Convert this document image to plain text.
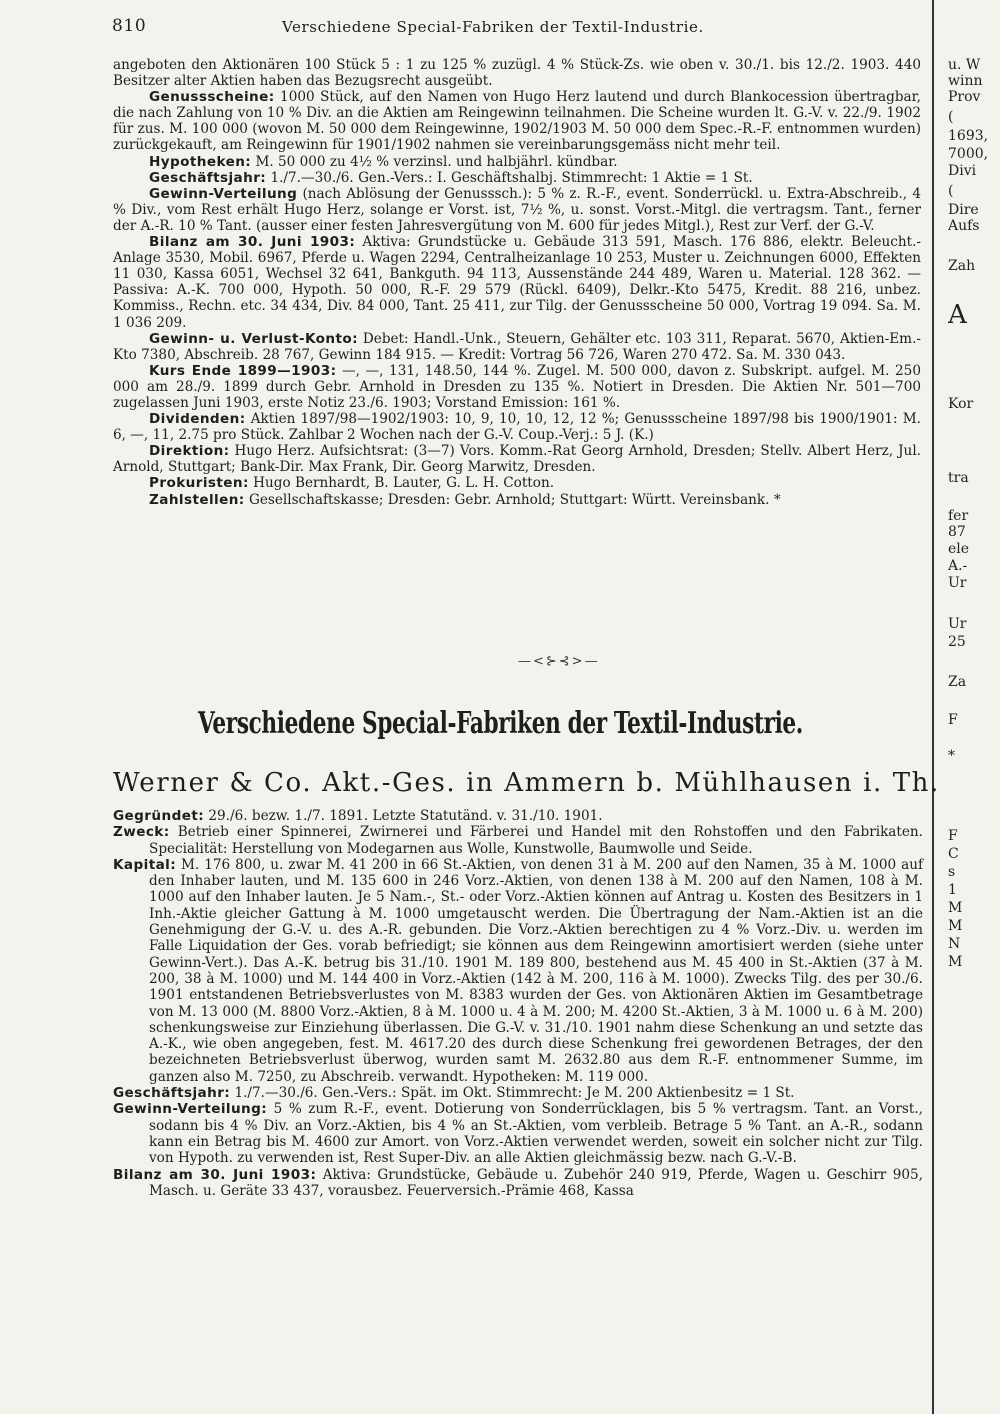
810	Verschiedene Special-Fabriken der Textil-Industrie.

angeboten den Aktionären 100 Stück 5 : 1 zu 125 % zuzügl. 4 % Stück-Zs. wie oben v. 30./1. bis 12./2. 1903. 440 Besitzer alter Aktien haben das Bezugsrecht ausgeübt.

Genussscheine: 1000 Stück, auf den Namen von Hugo Herz lautend und durch Blankocession übertragbar, die nach Zahlung von 10 % Div. an die Aktien am Reingewinn teilnahmen. Die Scheine wurden lt. G.-V. v. 22./9. 1902 für zus. M. 100 000 (wovon M. 50 000 dem Reingewinne, 1902/1903 M. 50 000 dem Spec.-R.-F. entnommen wurden) zurückgekauft, am Reingewinn für 1901/1902 nahmen sie vereinbarungsgemäss nicht mehr teil.

Hypotheken: M. 50 000 zu 4½ % verzinsl. und halbjährl. kündbar.

Geschäftsjahr: 1./7.—30./6. Gen.-Vers.: I. Geschäftshalbj. Stimmrecht: 1 Aktie = 1 St.

Gewinn-Verteilung (nach Ablösung der Genusssch.): 5 % z. R.-F., event. Sonderrückl. u. Extra-Abschreib., 4 % Div., vom Rest erhält Hugo Herz, solange er Vorst. ist, 7½ %, u. sonst. Vorst.-Mitgl. die vertragsm. Tant., ferner der A.-R. 10 % Tant. (ausser einer festen Jahresvergütung von M. 600 für jedes Mitgl.), Rest zur Verf. der G.-V.

Bilanz am 30. Juni 1903: Aktiva: Grundstücke u. Gebäude 313 591, Masch. 176 886, elektr. Beleucht.-Anlage 3530, Mobil. 6967, Pferde u. Wagen 2294, Centralheizanlage 10 253, Muster u. Zeichnungen 6000, Effekten 11 030, Kassa 6051, Wechsel 32 641, Bankguth. 94 113, Aussenstände 244 489, Waren u. Material. 128 362. — Passiva: A.-K. 700 000, Hypoth. 50 000, R.-F. 29 579 (Rückl. 6409), Delkr.-Kto 5475, Kredit. 88 216, unbez. Kommiss., Rechn. etc. 34 434, Div. 84 000, Tant. 25 411, zur Tilg. der Genussscheine 50 000, Vortrag 19 094. Sa. M. 1 036 209.

Gewinn- u. Verlust-Konto: Debet: Handl.-Unk., Steuern, Gehälter etc. 103 311, Reparat. 5670, Aktien-Em.-Kto 7380, Abschreib. 28 767, Gewinn 184 915. — Kredit: Vortrag 56 726, Waren 270 472. Sa. M. 330 043.

Kurs Ende 1899—1903: —, —, 131, 148.50, 144 %. Zugel. M. 500 000, davon z. Subskript. aufgel. M. 250 000 am 28./9. 1899 durch Gebr. Arnhold in Dresden zu 135 %. Notiert in Dresden. Die Aktien Nr. 501—700 zugelassen Juni 1903, erste Notiz 23./6. 1903; Vorstand Emission: 161 %.

Dividenden: Aktien 1897/98—1902/1903: 10, 9, 10, 10, 12, 12 %; Genussscheine 1897/98 bis 1900/1901: M. 6, —, 11, 2.75 pro Stück. Zahlbar 2 Wochen nach der G.-V. Coup.-Verj.: 5 J. (K.)

Direktion: Hugo Herz. Aufsichtsrat: (3—7) Vors. Komm.-Rat Georg Arnhold, Dresden; Stellv. Albert Herz, Jul. Arnold, Stuttgart; Bank-Dir. Max Frank, Dir. Georg Marwitz, Dresden.

Prokuristen: Hugo Bernhardt, B. Lauter, G. L. H. Cotton.

Zahlstellen: Gesellschaftskasse; Dresden: Gebr. Arnhold; Stuttgart: Württ. Vereinsbank. *

—<⊱⊰>—
Verschiedene Special-Fabriken der Textil-Industrie.
Werner & Co. Akt.-Ges. in Ammern b. Mühlhausen i. Th.

Gegründet: 29./6. bezw. 1./7. 1891. Letzte Statutänd. v. 31./10. 1901.

Zweck: Betrieb einer Spinnerei, Zwirnerei und Färberei und Handel mit den Rohstoffen und den Fabrikaten. Specialität: Herstellung von Modegarnen aus Wolle, Kunstwolle, Baumwolle und Seide.

Kapital: M. 176 800, u. zwar M. 41 200 in 66 St.-Aktien, von denen 31 à M. 200 auf den Namen, 35 à M. 1000 auf den Inhaber lauten, und M. 135 600 in 246 Vorz.-Aktien, von denen 138 à M. 200 auf den Namen, 108 à M. 1000 auf den Inhaber lauten. Je 5 Nam.-, St.- oder Vorz.-Aktien können auf Antrag u. Kosten des Besitzers in 1 Inh.-Aktie gleicher Gattung à M. 1000 umgetauscht werden. Die Übertragung der Nam.-Aktien ist an die Genehmigung der G.-V. u. des A.-R. gebunden. Die Vorz.-Aktien berechtigen zu 4 % Vorz.-Div. u. werden im Falle Liquidation der Ges. vorab befriedigt; sie können aus dem Reingewinn amortisiert werden (siehe unter Gewinn-Vert.). Das A.-K. betrug bis 31./10. 1901 M. 189 800, bestehend aus M. 45 400 in St.-Aktien (37 à M. 200, 38 à M. 1000) und M. 144 400 in Vorz.-Aktien (142 à M. 200, 116 à M. 1000). Zwecks Tilg. des per 30./6. 1901 entstandenen Betriebsverlustes von M. 8383 wurden der Ges. von Aktionären Aktien im Gesamtbetrage von M. 13 000 (M. 8800 Vorz.-Aktien, 8 à M. 1000 u. 4 à M. 200; M. 4200 St.-Aktien, 3 à M. 1000 u. 6 à M. 200) schenkungsweise zur Einziehung überlassen. Die G.-V. v. 31./10. 1901 nahm diese Schenkung an und setzte das A.-K., wie oben angegeben, fest. M. 4617.20 des durch diese Schenkung frei gewordenen Betrages, der den bezeichneten Betriebsverlust überwog, wurden samt M. 2632.80 aus dem R.-F. entnommener Summe, im ganzen also M. 7250, zu Abschreib. verwandt. Hypotheken: M. 119 000.

Geschäftsjahr: 1./7.—30./6. Gen.-Vers.: Spät. im Okt. Stimmrecht: Je M. 200 Aktienbesitz = 1 St.

Gewinn-Verteilung: 5 % zum R.-F., event. Dotierung von Sonderrücklagen, bis 5 % vertragsm. Tant. an Vorst., sodann bis 4 % Div. an Vorz.-Aktien, bis 4 % an St.-Aktien, vom verbleib. Betrage 5 % Tant. an A.-R., sodann kann ein Betrag bis M. 4600 zur Amort. von Vorz.-Aktien verwendet werden, soweit ein solcher nicht zur Tilg. von Hypoth. zu verwenden ist, Rest Super-Div. an alle Aktien gleichmässig bezw. nach G.-V.-B.

Bilanz am 30. Juni 1903: Aktiva: Grundstücke, Gebäude u. Zubehör 240 919, Pferde, Wagen u. Geschirr 905, Masch. u. Geräte 33 437, vorausbez. Feuerversich.-Prämie 468, Kassa

u. W
winn
Prov
(
1693,
7000,
Divi
(
Dire
Aufs
Zah
A
Kor
tra
fer
87
ele
A.-
Ur
Ur
25
Za
F
*
F
C
s
1
M
M
N
M
